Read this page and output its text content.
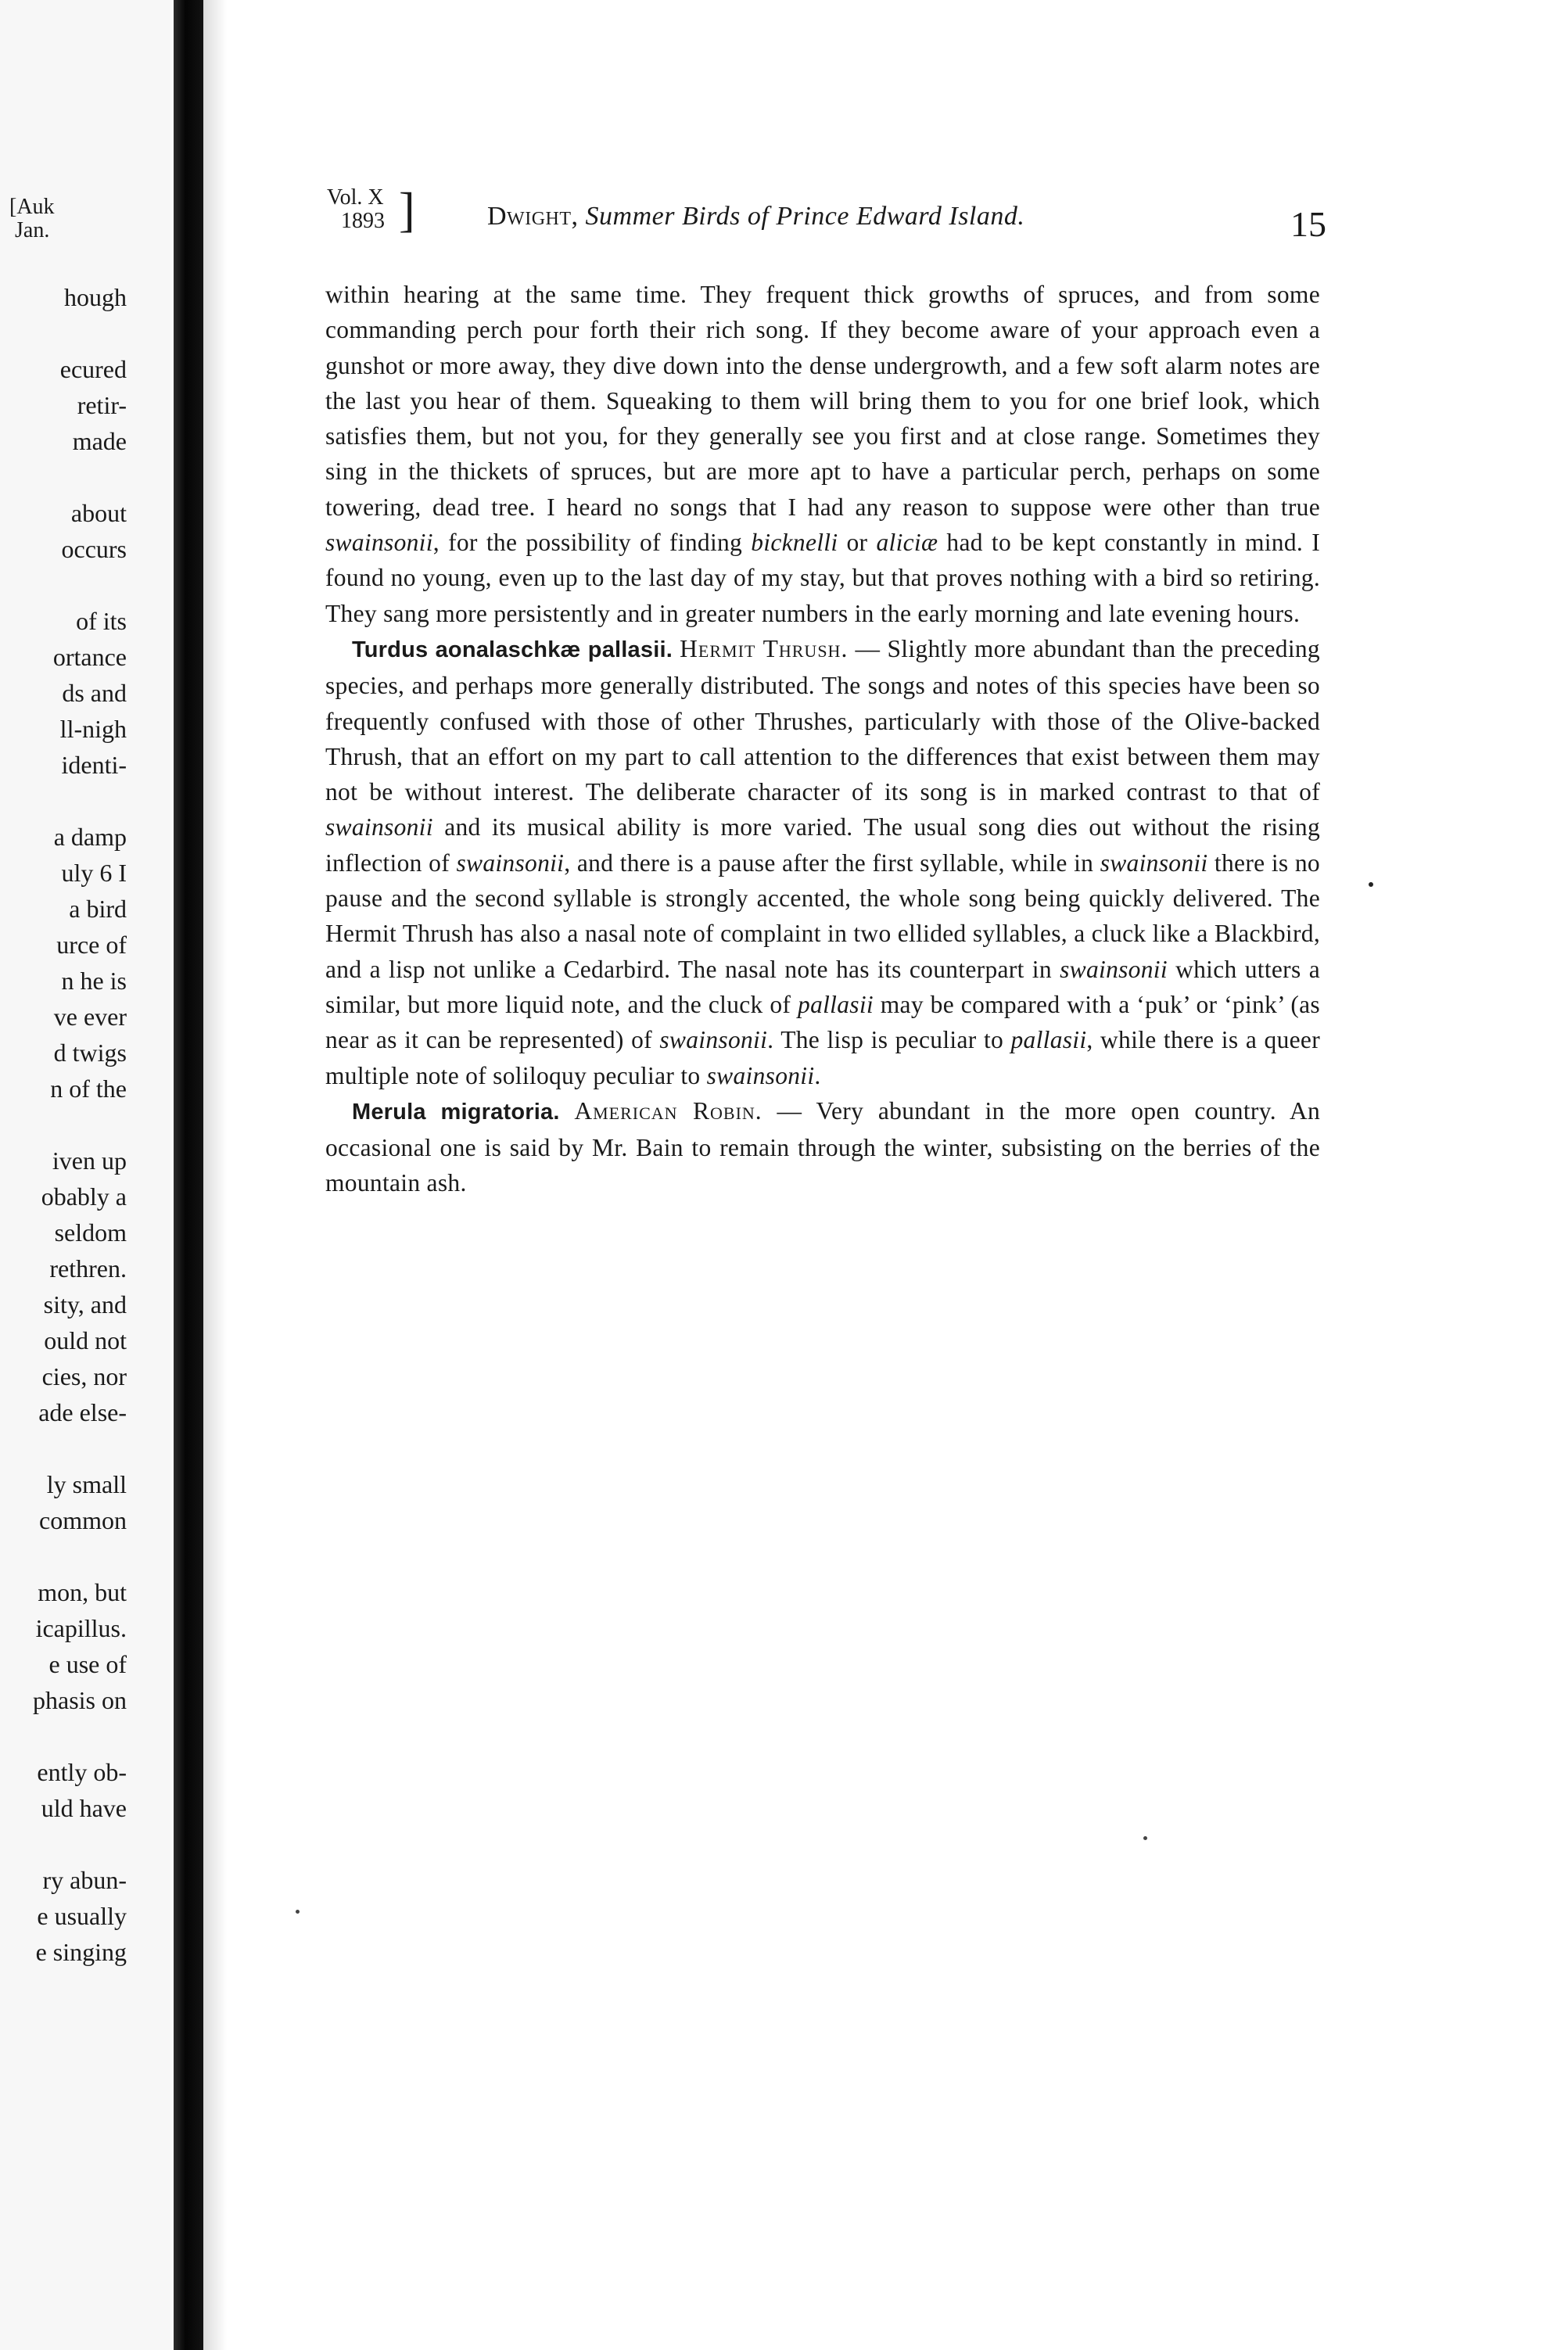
[Auk
Jan.
hough
ecured
retir-
made
about
occurs
of its
ortance
ds and
ll-nigh
identi-
a damp
uly 6 I
a bird
urce of
n he is
ve ever
d twigs
n of the
iven up
obably a
seldom
rethren.
sity, and
ould not
cies, nor
ade else-
ly small
common
mon, but
icapillus.
e use of
phasis on
ently ob-
uld have
ry abun-
e usually
e singing
Vol. X
1893 ]	Dwight, Summer Birds of Prince Edward Island.	15

within hearing at the same time. They frequent thick growths of spruces, and from some commanding perch pour forth their rich song. If they become aware of your approach even a gunshot or more away, they dive down into the dense undergrowth, and a few soft alarm notes are the last you hear of them. Squeaking to them will bring them to you for one brief look, which satisfies them, but not you, for they generally see you first and at close range. Sometimes they sing in the thickets of spruces, but are more apt to have a particular perch, perhaps on some towering, dead tree. I heard no songs that I had any reason to suppose were other than true swainsonii, for the possibility of finding bicknelli or aliciæ had to be kept constantly in mind. I found no young, even up to the last day of my stay, but that proves nothing with a bird so retiring. They sang more persistently and in greater numbers in the early morning and late evening hours.

Turdus aonalaschkæ pallasii. Hermit Thrush. — Slightly more abundant than the preceding species, and perhaps more generally distributed. The songs and notes of this species have been so frequently confused with those of other Thrushes, particularly with those of the Olive-backed Thrush, that an effort on my part to call attention to the differences that exist between them may not be without interest. The deliberate character of its song is in marked contrast to that of swainsonii and its musical ability is more varied. The usual song dies out without the rising inflection of swainsonii, and there is a pause after the first syllable, while in swainsonii there is no pause and the second syllable is strongly accented, the whole song being quickly delivered. The Hermit Thrush has also a nasal note of complaint in two ellided syllables, a cluck like a Blackbird, and a lisp not unlike a Cedarbird. The nasal note has its counterpart in swainsonii which utters a similar, but more liquid note, and the cluck of pallasii may be compared with a ‘puk’ or ‘pink’ (as near as it can be represented) of swainsonii. The lisp is peculiar to pallasii, while there is a queer multiple note of soliloquy peculiar to swainsonii.

Merula migratoria. American Robin. — Very abundant in the more open country. An occasional one is said by Mr. Bain to remain through the winter, subsisting on the berries of the mountain ash.
